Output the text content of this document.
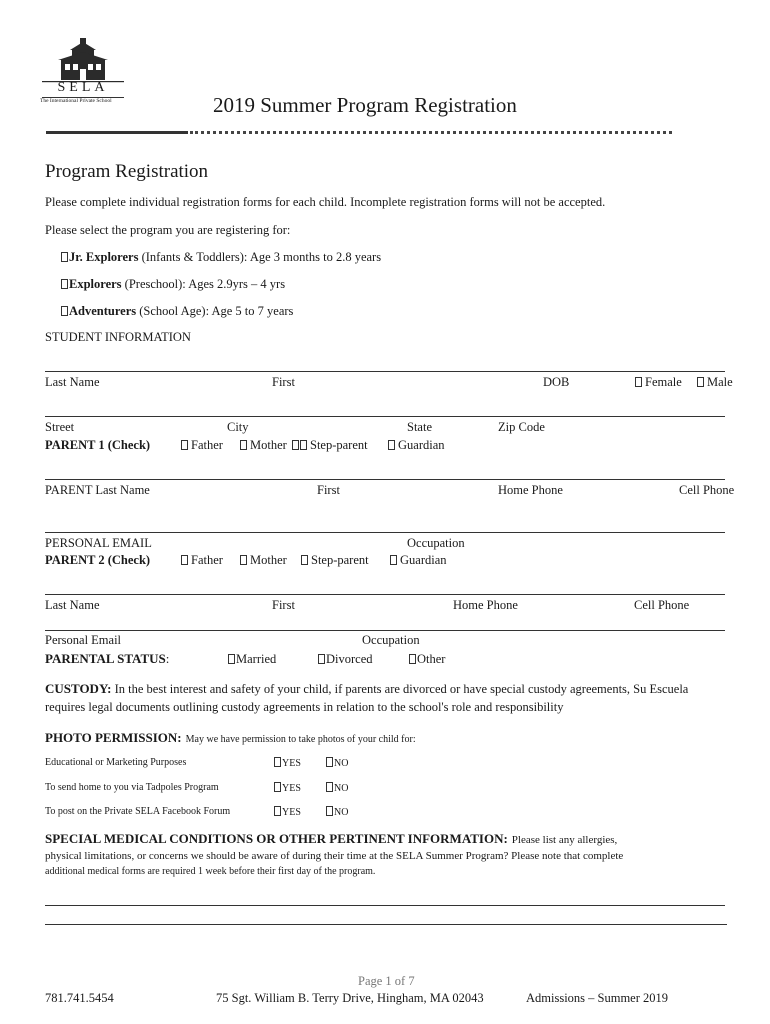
SELA
The International Private School	2019 Summer Program Registration
Program Registration
Please complete individual registration forms for each child. Incomplete registration forms will not be accepted.
Please select the program you are registering for:
Jr. Explorers (Infants & Toddlers): Age 3 months to 2.8 years
Explorers (Preschool): Ages 2.9yrs – 4 yrs
Adventurers (School Age): Age 5 to 7 years
STUDENT INFORMATION
Last Name	First	DOB	Female	Male
Street	City	State	Zip Code
PARENT 1 (Check)	Father	Mother	Step-parent	Guardian
PARENT Last Name	First	Home Phone	Cell Phone
PERSONAL EMAIL	Occupation
PARENT 2 (Check)	Father	Mother	Step-parent	Guardian
Last Name	First	Home Phone	Cell Phone
Personal Email	Occupation
PARENTAL STATUS:	Married	Divorced	Other
CUSTODY: In the best interest and safety of your child, if parents are divorced or have special custody agreements, Su Escuela
requires legal documents outlining custody agreements in relation to the school's role and responsibility
PHOTO PERMISSION: May we have permission to take photos of your child for:
Educational or Marketing Purposes	YES	NO
To send home to you via Tadpoles Program	YES	NO
To post on the Private SELA Facebook Forum	YES	NO
SPECIAL MEDICAL CONDITIONS OR OTHER PERTINENT INFORMATION: Please list any allergies,
physical limitations, or concerns we should be aware of during their time at the SELA Summer Program? Please note that complete
additional medical forms are required 1 week before their first day of the program.
Page 1 of 7
781.741.5454	75 Sgt. William B. Terry Drive, Hingham, MA 02043	Admissions – Summer 2019
